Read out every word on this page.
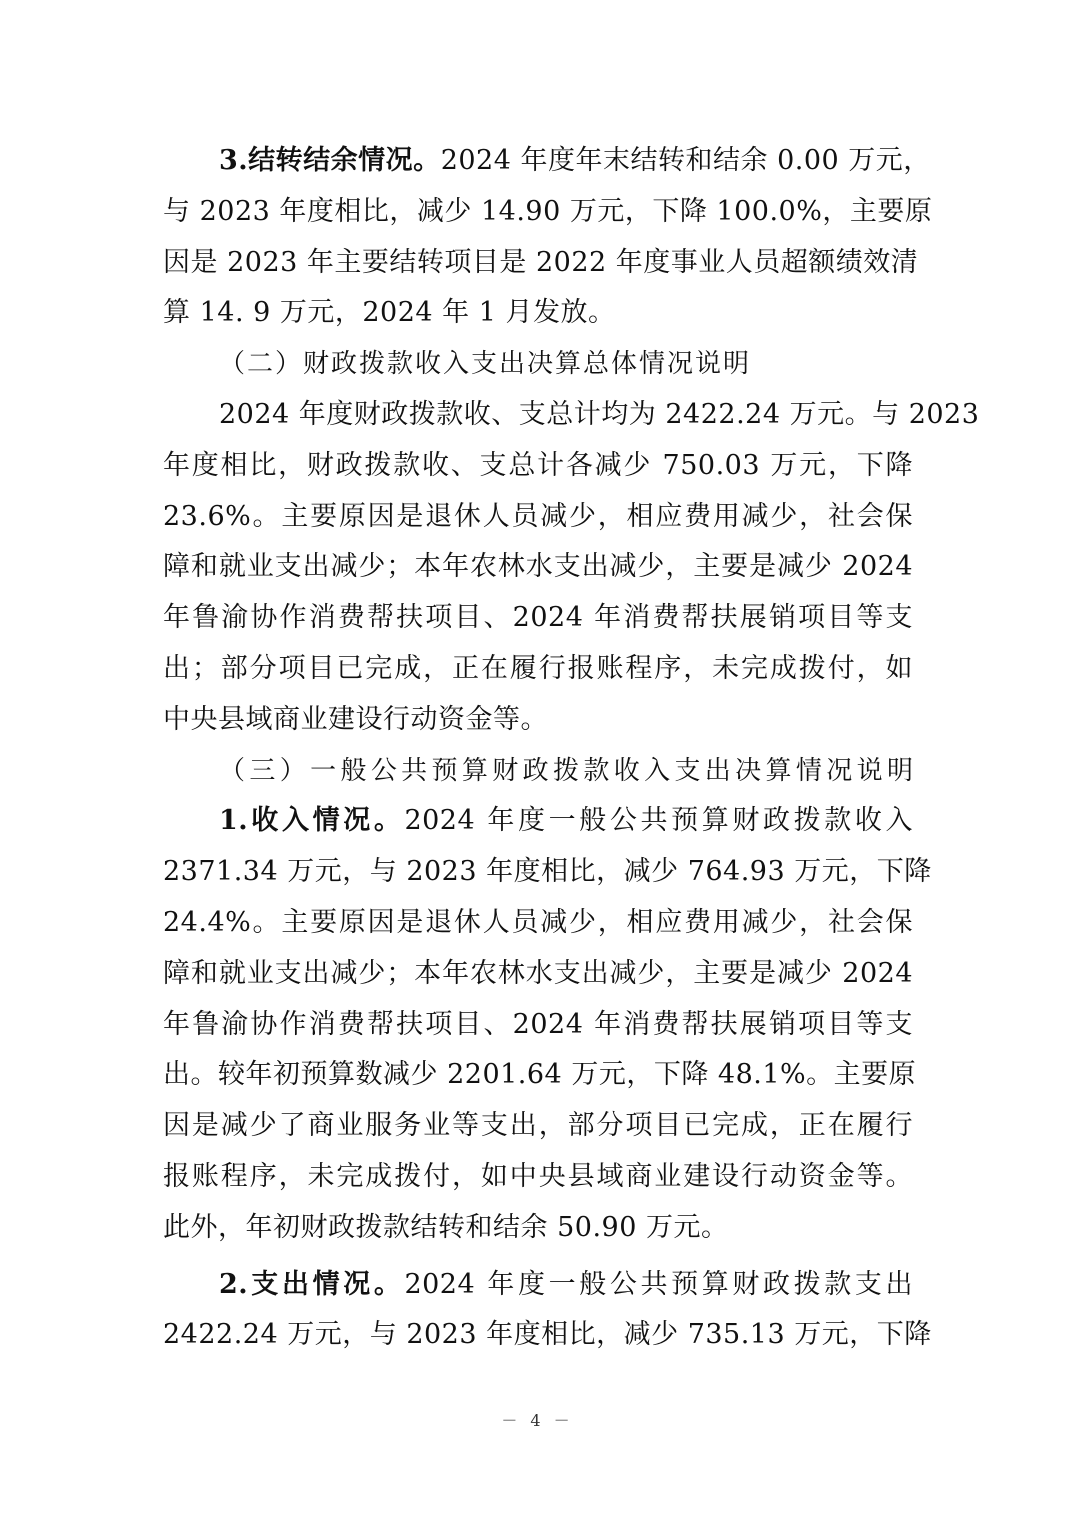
3.结转结余情况。2024 年度年末结转和结余 0.00 万元，
与 2023 年度相比，减少 14.90 万元，下降 100.0%，主要原
因是 2023 年主要结转项目是 2022 年度事业人员超额绩效清
算 14. 9 万元，2024 年 1 月发放。
（二）财政拨款收入支出决算总体情况说明
2024 年度财政拨款收、支总计均为 2422.24 万元。与 2023
年度相比，财政拨款收、支总计各减少 750.03 万元，下降
23.6%。主要原因是退休人员减少，相应费用减少，社会保
障和就业支出减少；本年农林水支出减少，主要是减少 2024
年鲁渝协作消费帮扶项目、2024 年消费帮扶展销项目等支
出；部分项目已完成，正在履行报账程序，未完成拨付，如
中央县域商业建设行动资金等。
（三）一般公共预算财政拨款收入支出决算情况说明
1.收入情况。2024 年度一般公共预算财政拨款收入
2371.34 万元，与 2023 年度相比，减少 764.93 万元，下降
24.4%。主要原因是退休人员减少，相应费用减少，社会保
障和就业支出减少；本年农林水支出减少，主要是减少 2024
年鲁渝协作消费帮扶项目、2024 年消费帮扶展销项目等支
出。较年初预算数减少 2201.64 万元，下降 48.1%。主要原
因是减少了商业服务业等支出，部分项目已完成，正在履行
报账程序，未完成拨付，如中央县域商业建设行动资金等。
此外，年初财政拨款结转和结余 50.90 万元。
2.支出情况。2024 年度一般公共预算财政拨款支出
2422.24 万元，与 2023 年度相比，减少 735.13 万元，下降
－ 4 －
